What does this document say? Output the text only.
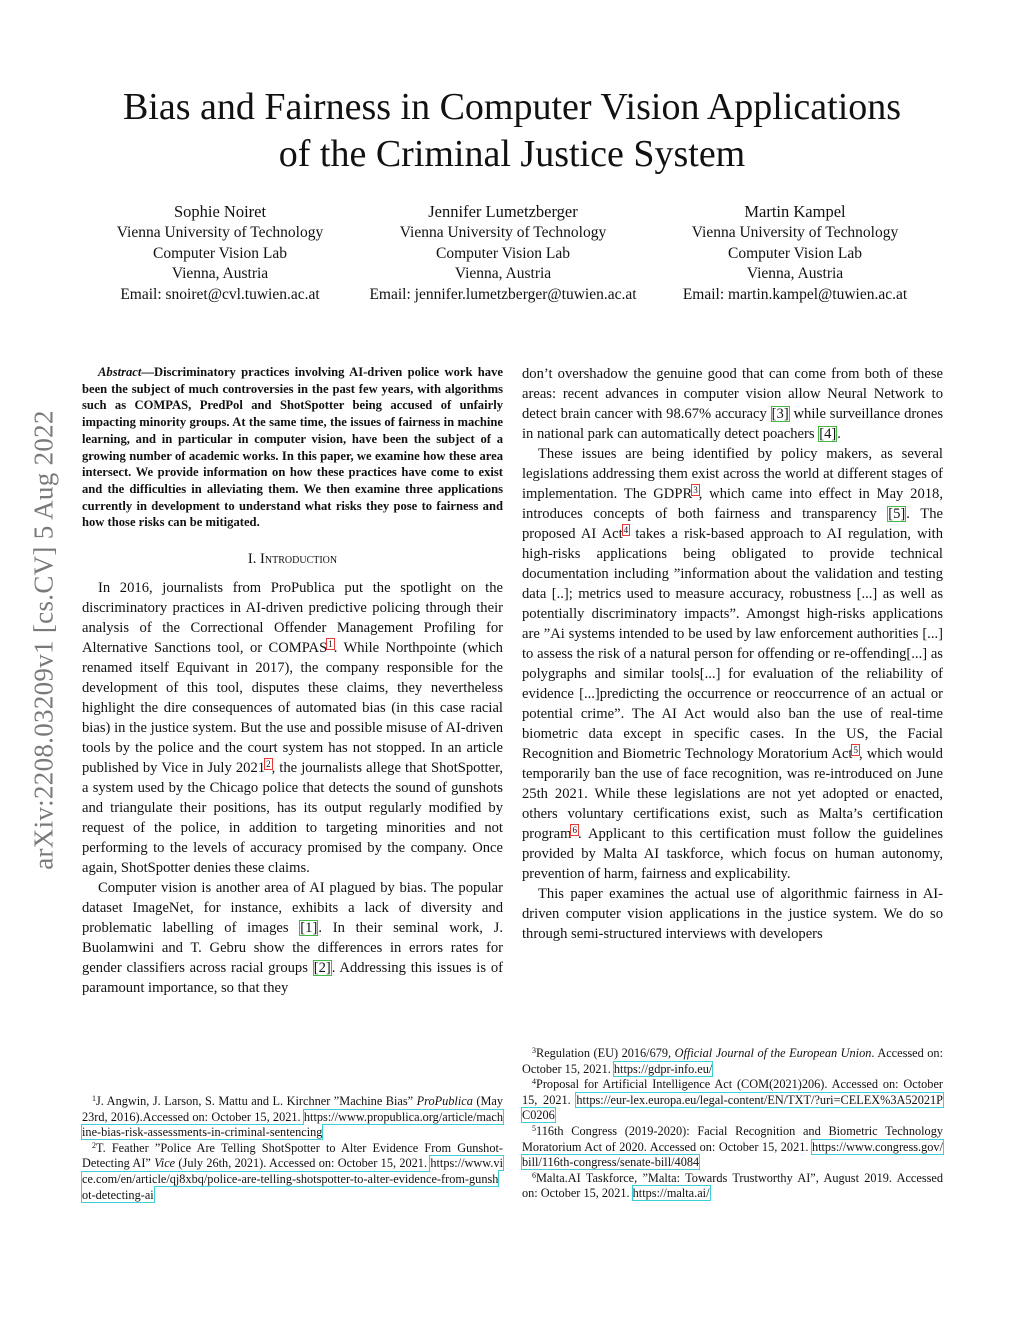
arXiv:2208.03209v1 [cs.CV] 5 Aug 2022
Bias and Fairness in Computer Vision Applications
of the Criminal Justice System
Sophie Noiret
Vienna University of Technology
Computer Vision Lab
Vienna, Austria
Email: snoiret@cvl.tuwien.ac.at
Jennifer Lumetzberger
Vienna University of Technology
Computer Vision Lab
Vienna, Austria
Email: jennifer.lumetzberger@tuwien.ac.at
Martin Kampel
Vienna University of Technology
Computer Vision Lab
Vienna, Austria
Email: martin.kampel@tuwien.ac.at

Abstract—Discriminatory practices involving AI-driven police work have been the subject of much controversies in the past few years, with algorithms such as COMPAS, PredPol and ShotSpotter being accused of unfairly impacting minority groups. At the same time, the issues of fairness in machine learning, and in particular in computer vision, have been the subject of a growing number of academic works. In this paper, we examine how these area intersect. We provide information on how these practices have come to exist and the difficulties in alleviating them. We then examine three applications currently in development to understand what risks they pose to fairness and how those risks can be mitigated.

I. Introduction

In 2016, journalists from ProPublica put the spotlight on the discriminatory practices in AI-driven predictive policing through their analysis of the Correctional Offender Management Profiling for Alternative Sanctions tool, or COMPAS$^1$. While Northpointe (which renamed itself Equivant in 2017), the company responsible for the development of this tool, disputes these claims, they nevertheless highlight the dire consequences of automated bias (in this case racial bias) in the justice system. But the use and possible misuse of AI-driven tools by the police and the court system has not stopped. In an article published by Vice in July 2021$^2$, the journalists allege that ShotSpotter, a system used by the Chicago police that detects the sound of gunshots and triangulate their positions, has its output regularly modified by request of the police, in addition to targeting minorities and not performing to the levels of accuracy promised by the company. Once again, ShotSpotter denies these claims.

Computer vision is another area of AI plagued by bias. The popular dataset ImageNet, for instance, exhibits a lack of diversity and problematic labelling of images [1]. In their seminal work, J. Buolamwini and T. Gebru show the differences in errors rates for gender classifiers across racial groups [2]. Addressing this issues is of paramount importance, so that they

don’t overshadow the genuine good that can come from both of these areas: recent advances in computer vision allow Neural Network to detect brain cancer with 98.67% accuracy [3] while surveillance drones in national park can automatically detect poachers [4].

These issues are being identified by policy makers, as several legislations addressing them exist across the world at different stages of implementation. The GDPR$^3$, which came into effect in May 2018, introduces concepts of both fairness and transparency [5]. The proposed AI Act$^4$ takes a risk-based approach to AI regulation, with high-risks applications being obligated to provide technical documentation including ”information about the validation and testing data [..]; metrics used to measure accuracy, robustness [...] as well as potentially discriminatory impacts”. Amongst high-risks applications are ”Ai systems intended to be used by law enforcement authorities [...] to assess the risk of a natural person for offending or re-offending[...] as polygraphs and similar tools[...] for evaluation of the reliability of evidence [...]predicting the occurrence or reoccurrence of an actual or potential crime”. The AI Act would also ban the use of real-time biometric data except in specific cases. In the US, the Facial Recognition and Biometric Technology Moratorium Act$^5$, which would temporarily ban the use of face recognition, was re-introduced on June 25th 2021. While these legislations are not yet adopted or enacted, others voluntary certifications exist, such as Malta’s certification program$^6$. Applicant to this certification must follow the guidelines provided by Malta AI taskforce, which focus on human autonomy, prevention of harm, fairness and explicability.

This paper examines the actual use of algorithmic fairness in AI-driven computer vision applications in the justice system. We do so through semi-structured interviews with developers

$^1$J. Angwin, J. Larson, S. Mattu and L. Kirchner ”Machine Bias” ProPublica (May 23rd, 2016).Accessed on: October 15, 2021. https://www.propublica.org/article/machine-bias-risk-assessments-in-criminal-sentencing

$^2$T. Feather ”Police Are Telling ShotSpotter to Alter Evidence From Gunshot-Detecting AI” Vice (July 26th, 2021). Accessed on: October 15, 2021. https://www.vice.com/en/article/qj8xbq/police-are-telling-shotspotter-to-alter-evidence-from-gunshot-detecting-ai

$^3$Regulation (EU) 2016/679, Official Journal of the European Union. Accessed on: October 15, 2021. https://gdpr-info.eu/

$^4$Proposal for Artificial Intelligence Act (COM(2021)206). Accessed on: October 15, 2021. https://eur-lex.europa.eu/legal-content/EN/TXT/?uri=CELEX%3A52021PC0206

$^5$116th Congress (2019-2020): Facial Recognition and Biometric Technology Moratorium Act of 2020. Accessed on: October 15, 2021. https://www.congress.gov/bill/116th-congress/senate-bill/4084

$^6$Malta.AI Taskforce, ”Malta: Towards Trustworthy AI”, August 2019. Accessed on: October 15, 2021. https://malta.ai/
